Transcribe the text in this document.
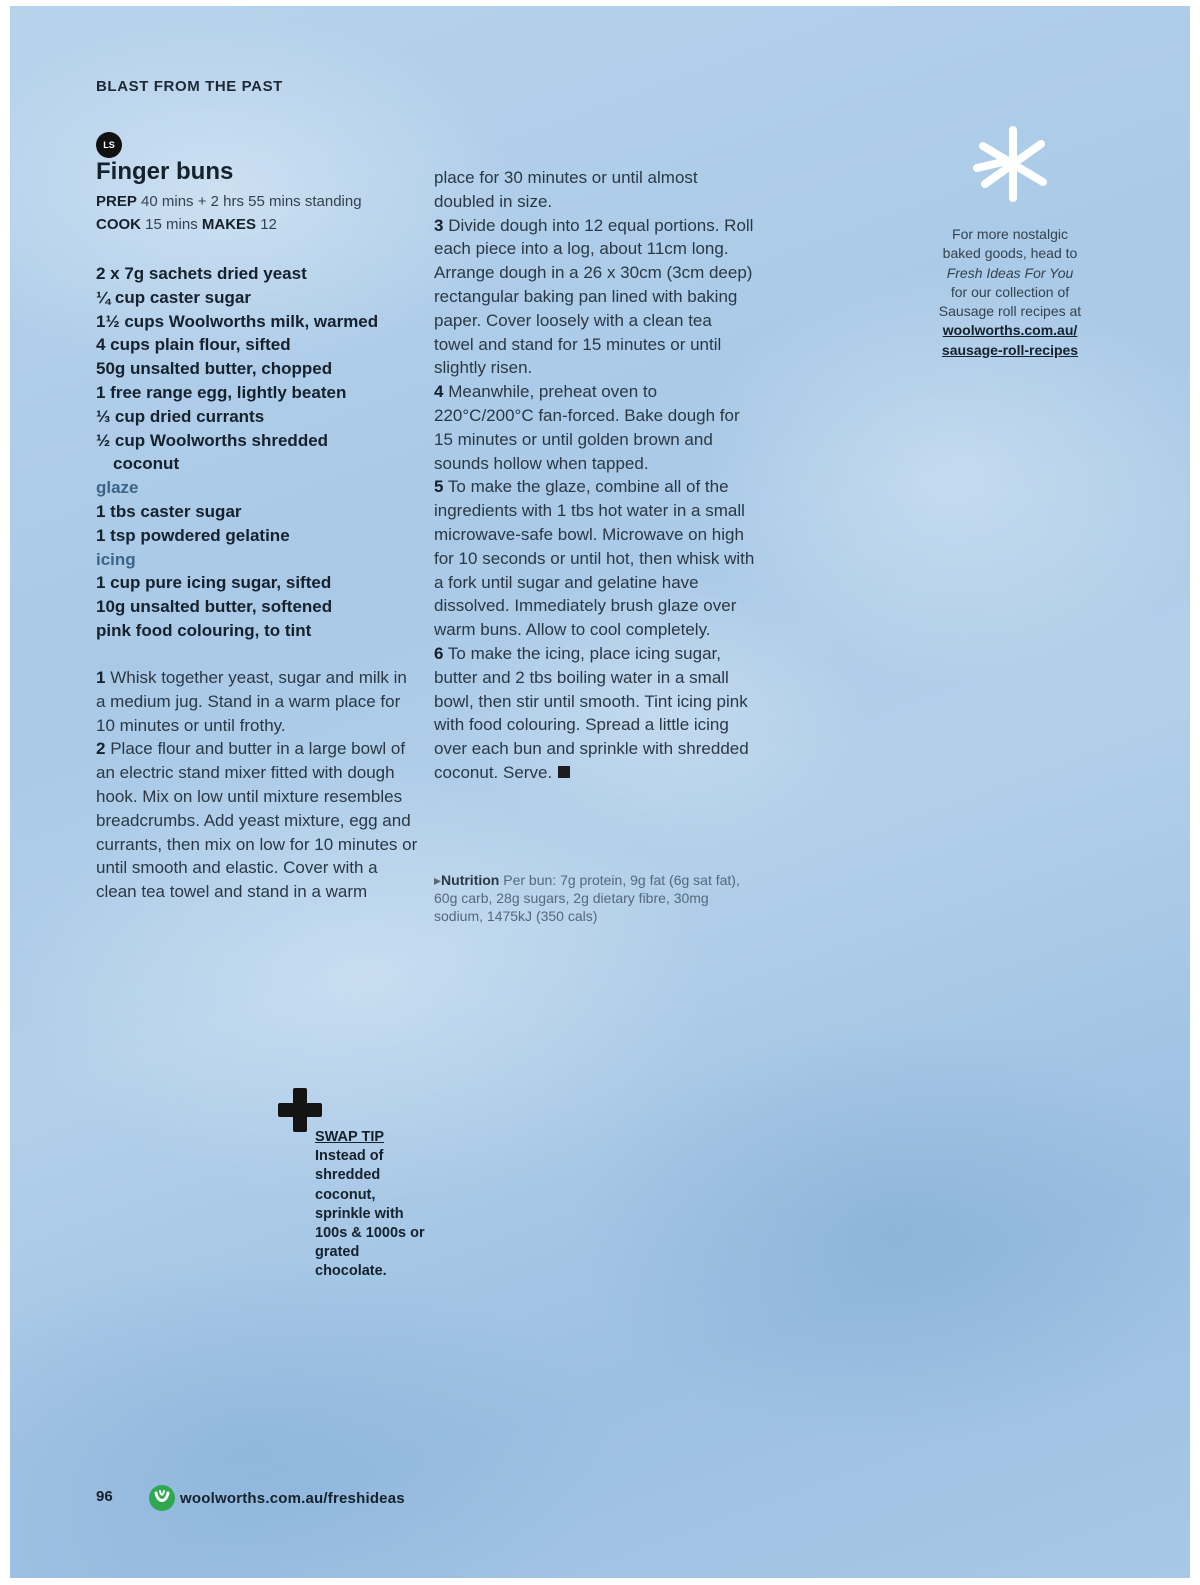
BLAST FROM THE PAST
LS
Finger buns
PREP 40 mins + 2 hrs 55 mins standing
COOK 15 mins MAKES 12
2 x 7g sachets dried yeast
¼ cup caster sugar
1½ cups Woolworths milk, warmed
4 cups plain flour, sifted
50g unsalted butter, chopped
1 free range egg, lightly beaten
⅓ cup dried currants
½ cup Woolworths shredded
coconut
glaze
1 tbs caster sugar
1 tsp powdered gelatine
icing
1 cup pure icing sugar, sifted
10g unsalted butter, softened
pink food colouring, to tint
1 Whisk together yeast, sugar and milk in a medium jug. Stand in a warm place for 10 minutes or until frothy.
2 Place flour and butter in a large bowl of an electric stand mixer fitted with dough hook. Mix on low until mixture resembles breadcrumbs. Add yeast mixture, egg and currants, then mix on low for 10 minutes or until smooth and elastic. Cover with a clean tea towel and stand in a warm
place for 30 minutes or until almost doubled in size.
3 Divide dough into 12 equal portions. Roll each piece into a log, about 11cm long. Arrange dough in a 26 x 30cm (3cm deep) rectangular baking pan lined with baking paper. Cover loosely with a clean tea towel and stand for 15 minutes or until slightly risen.
4 Meanwhile, preheat oven to 220°C/200°C fan-forced. Bake dough for 15 minutes or until golden brown and sounds hollow when tapped.
5 To make the glaze, combine all of the ingredients with 1 tbs hot water in a small microwave-safe bowl. Microwave on high for 10 seconds or until hot, then whisk with a fork until sugar and gelatine have dissolved. Immediately brush glaze over warm buns. Allow to cool completely.
6 To make the icing, place icing sugar, butter and 2 tbs boiling water in a small bowl, then stir until smooth. Tint icing pink with food colouring. Spread a little icing over each bun and sprinkle with shredded coconut. Serve.
▸Nutrition Per bun: 7g protein, 9g fat (6g sat fat), 60g carb, 28g sugars, 2g dietary fibre, 30mg sodium, 1475kJ (350 cals)
For more nostalgic
baked goods, head to
Fresh Ideas For You
for our collection of
Sausage roll recipes at
woolworths.com.au/
sausage-roll-recipes
SWAP TIP
Instead of shredded coconut, sprinkle with 100s & 1000s or grated chocolate.
96	woolworths.com.au/freshideas
